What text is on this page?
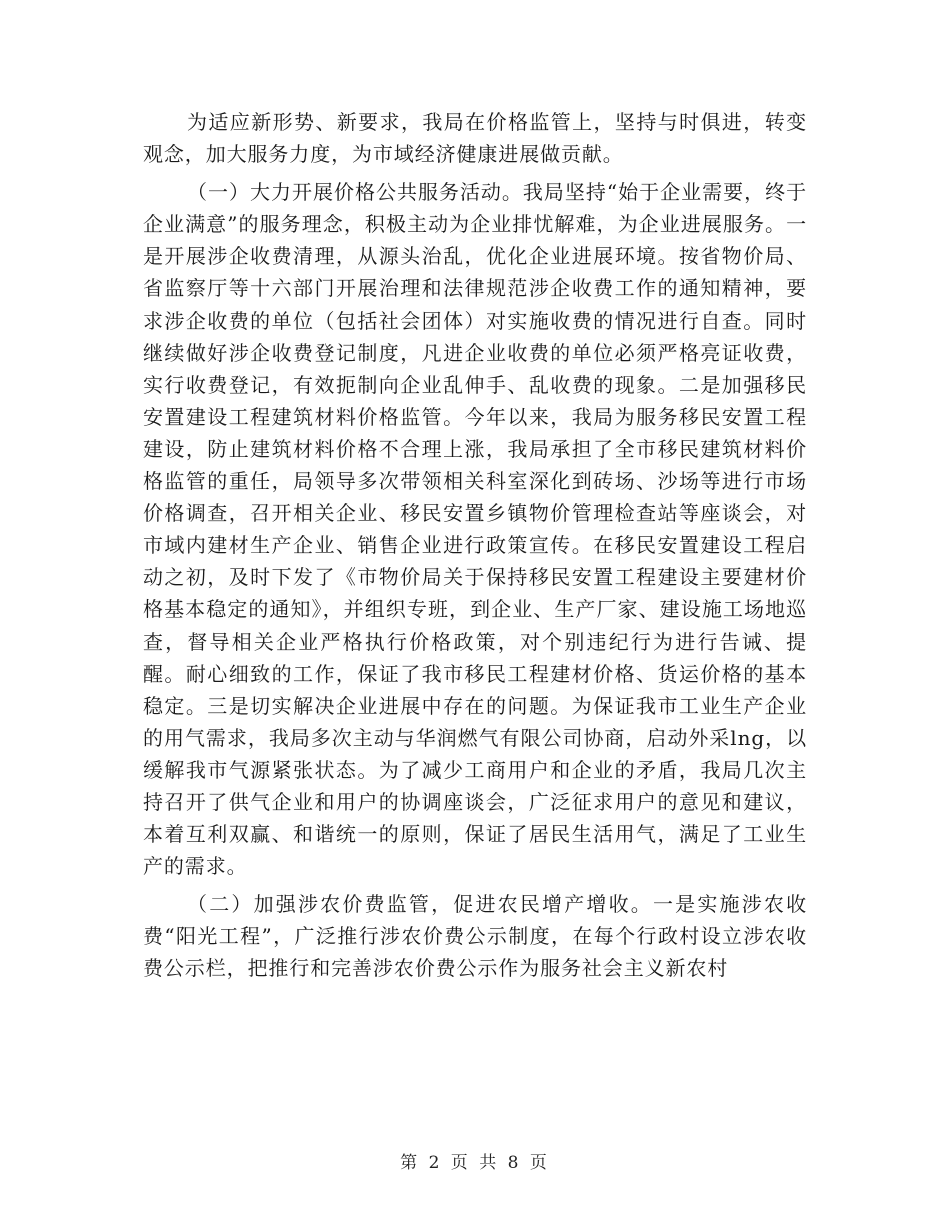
为适应新形势、新要求，我局在价格监管上，坚持与时俱进，转变观念，加大服务力度，为市域经济健康进展做贡献。

（一）大力开展价格公共服务活动。我局坚持“始于企业需要，终于企业满意”的服务理念，积极主动为企业排忧解难，为企业进展服务。一是开展涉企收费清理，从源头治乱，优化企业进展环境。按省物价局、省监察厅等十六部门开展治理和法律规范涉企收费工作的通知精神，要求涉企收费的单位（包括社会团体）对实施收费的情况进行自查。同时继续做好涉企收费登记制度，凡进企业收费的单位必须严格亮证收费，实行收费登记，有效扼制向企业乱伸手、乱收费的现象。二是加强移民安置建设工程建筑材料价格监管。今年以来，我局为服务移民安置工程建设，防止建筑材料价格不合理上涨，我局承担了全市移民建筑材料价格监管的重任，局领导多次带领相关科室深化到砖场、沙场等进行市场价格调查，召开相关企业、移民安置乡镇物价管理检查站等座谈会，对市域内建材生产企业、销售企业进行政策宣传。在移民安置建设工程启动之初，及时下发了《市物价局关于保持移民安置工程建设主要建材价格基本稳定的通知》，并组织专班，到企业、生产厂家、建设施工场地巡查，督导相关企业严格执行价格政策，对个别违纪行为进行告诫、提醒。耐心细致的工作，保证了我市移民工程建材价格、货运价格的基本稳定。三是切实解决企业进展中存在的问题。为保证我市工业生产企业的用气需求，我局多次主动与华润燃气有限公司协商，启动外采lng，以缓解我市气源紧张状态。为了减少工商用户和企业的矛盾，我局几次主持召开了供气企业和用户的协调座谈会，广泛征求用户的意见和建议，本着互利双赢、和谐统一的原则，保证了居民生活用气，满足了工业生产的需求。

（二）加强涉农价费监管，促进农民增产增收。一是实施涉农收费“阳光工程”，广泛推行涉农价费公示制度，在每个行政村设立涉农收费公示栏，把推行和完善涉农价费公示作为服务社会主义新农村

第 2 页 共 8 页
